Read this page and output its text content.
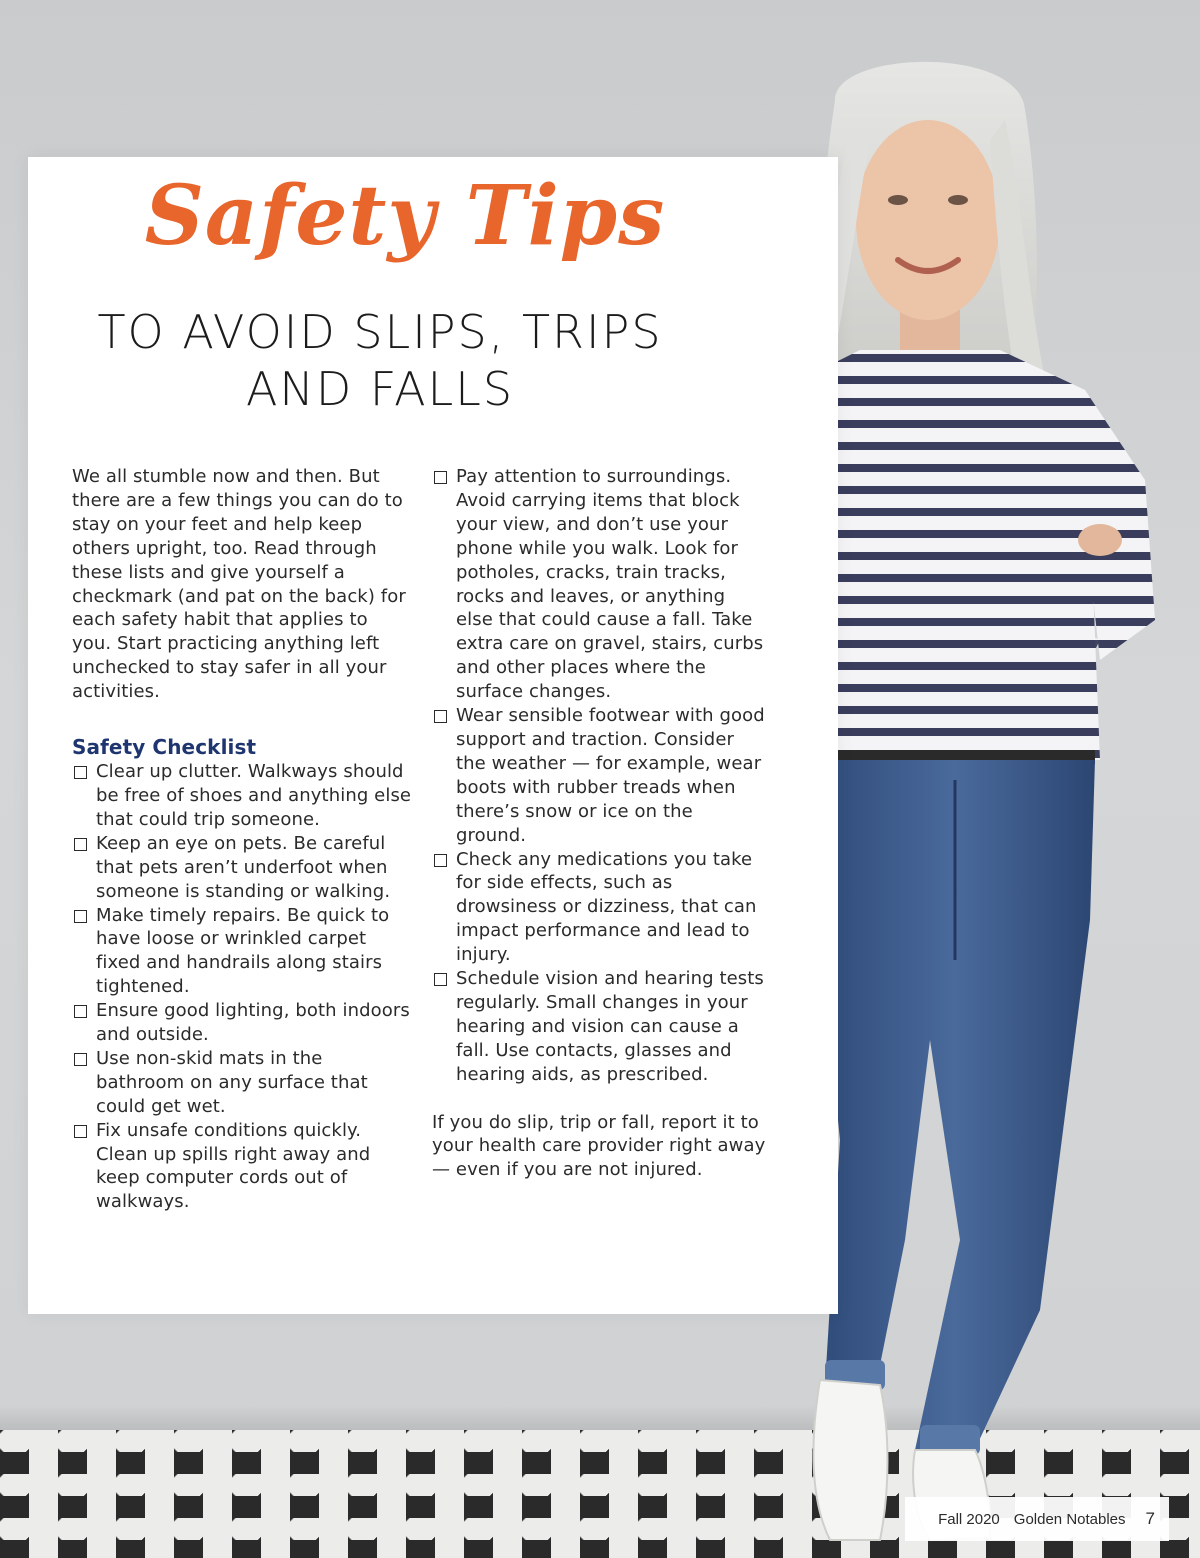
Safety Tips
TO AVOID SLIPS, TRIPS
AND FALLS

We all stumble now and then. But there are a few things you can do to stay on your feet and help keep others upright, too. Read through these lists and give yourself a checkmark (and pat on the back) for each safety habit that applies to you. Start practicing anything left unchecked to stay safer in all your activities.

Safety Checklist
Clear up clutter. Walkways should be free of shoes and anything else that could trip someone.
Keep an eye on pets. Be careful that pets aren’t underfoot when someone is standing or walking.
Make timely repairs. Be quick to have loose or wrinkled carpet fixed and handrails along stairs tightened.
Ensure good lighting, both indoors and outside.
Use non-skid mats in the bathroom on any surface that could get wet.
Fix unsafe conditions quickly. Clean up spills right away and keep computer cords out of walkways.
Pay attention to surroundings. Avoid carrying items that block your view, and don’t use your phone while you walk. Look for potholes, cracks, train tracks, rocks and leaves, or anything else that could cause a fall. Take extra care on gravel, stairs, curbs and other places where the surface changes.
Wear sensible footwear with good support and traction. Consider the weather — for example, wear boots with rubber treads when there’s snow or ice on the ground.
Check any medications you take for side effects, such as drowsiness or dizziness, that can impact performance and lead to injury.
Schedule vision and hearing tests regularly. Small changes in your hearing and vision can cause a fall. Use contacts, glasses and hearing aids, as prescribed.

If you do slip, trip or fall, report it to your health care provider right away — even if you are not injured.

Fall 2020 Golden Notables 7
